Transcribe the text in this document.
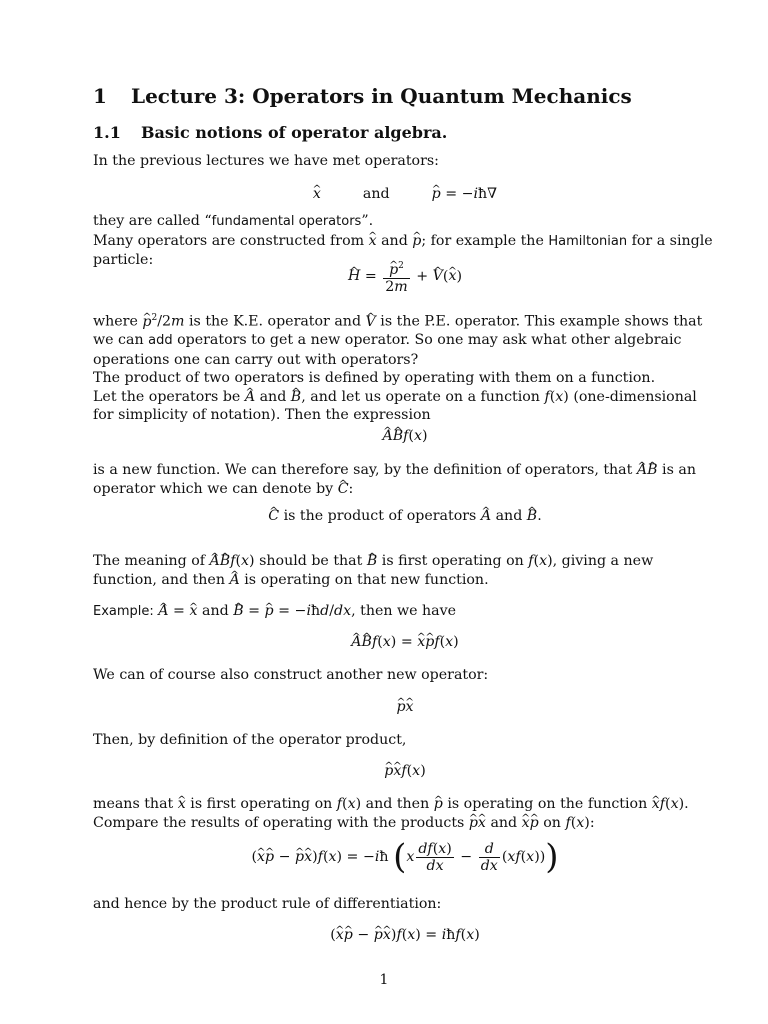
1 Lecture 3: Operators in Quantum Mechanics
1.1 Basic notions of operator algebra.
In the previous lectures we have met operators:
x ^	and	p ^ = −iħ∇
they are called “fundamental operators”.
Many operators are constructed from x ^ and p ^; for example the Hamiltonian for a single particle:
H ^ = $\frac{p \^{}^2}{2m} + V$ ^(x ^)
where p ^$^2$/2m is the K.E. operator and V ^ is the P.E. operator. This example shows that we can add operators to get a new operator. So one may ask what other algebraic operations one can carry out with operators?
The product of two operators is defined by operating with them on a function.
Let the operators be A ^ and B ^, and let us operate on a function f(x) (one-dimensional for simplicity of notation). Then the expression
A ^B ^f(x)
is a new function. We can therefore say, by the definition of operators, that A ^B ^ is an operator which we can denote by C ^:
C ^ is the product of operators A ^ and B ^.
The meaning of A ^B ^f(x) should be that B ^ is first operating on f(x), giving a new function, and then A ^ is operating on that new function.
Example: A ^ = x ^ and B ^ = p ^ = −iħd/dx, then we have
A ^B ^f(x) = x ^p ^f(x)
We can of course also construct another new operator:
p ^x ^
Then, by definition of the operator product,
p ^x ^f(x)
means that x ^ is first operating on f(x) and then p ^ is operating on the function x ^f(x).
Compare the results of operating with the products p ^x ^ and x ^p ^ on f(x):
(x ^p ^ − p ^x ^)f(x) = −iħ $(x \frac{df(x)}{dx} - \frac{d}{dx} (xf(x)))$
and hence by the product rule of differentiation:
(x ^p ^ − p ^x ^)f(x) = iħf(x)
1
